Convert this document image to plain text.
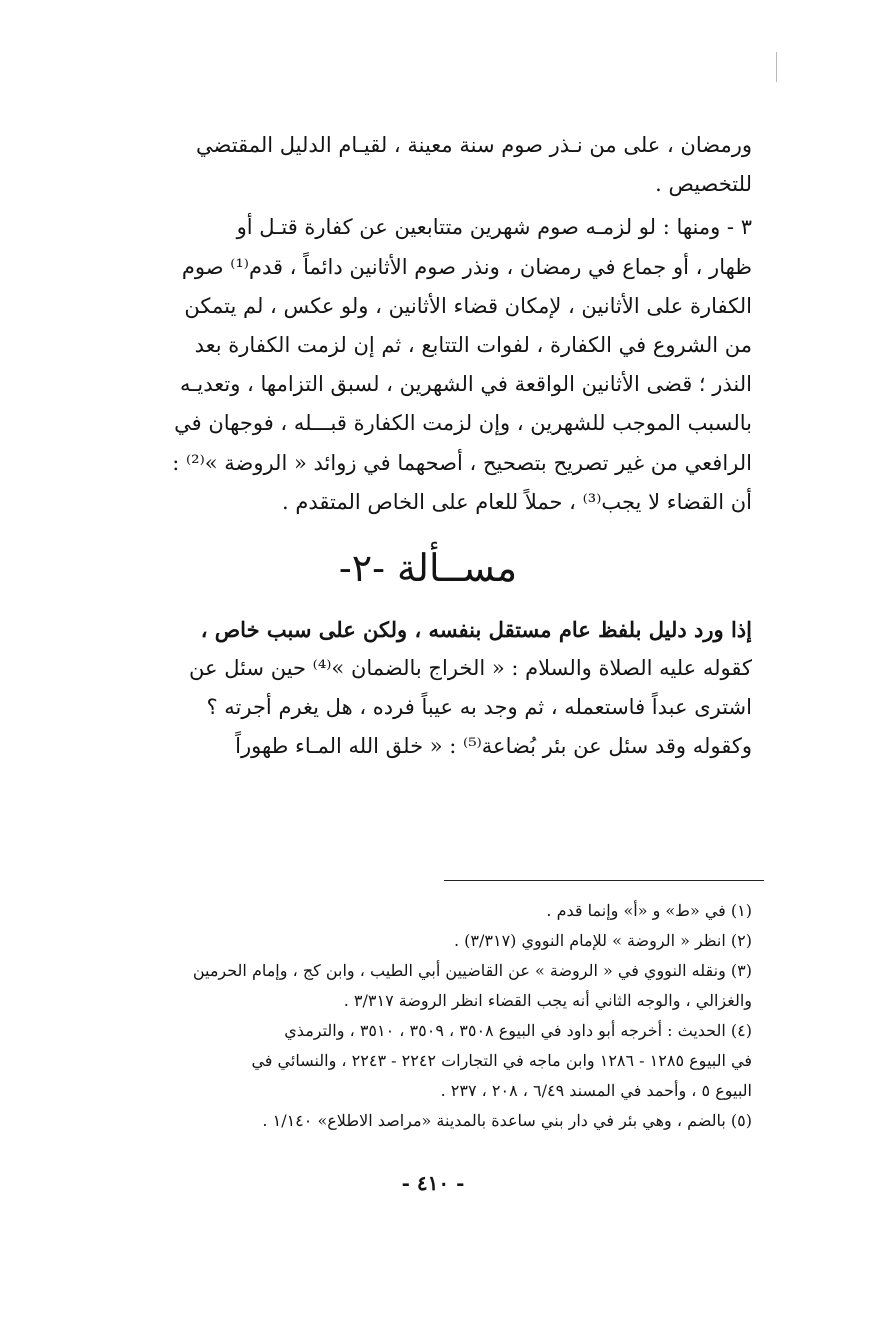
ورمضان ، على من نـذر صوم سنة معينة ، لقيـام الدليل المقتضي

للتخصيص .

٣ - ومنها : لو لزمـه صوم شهرين متتابعين عن كفارة قتـل أو

ظهار ، أو جماع في رمضان ، ونذر صوم الأثانين دائماً ، قدم⁽¹⁾ صوم

الكفارة على الأثانين ، لإمكان قضاء الأثانين ، ولو عكس ، لم يتمكن

من الشروع في الكفارة ، لفوات التتابع ، ثم إن لزمت الكفارة بعد

النذر ؛ قضى الأثانين الواقعة في الشهرين ، لسبق التزامها ، وتعديـه

بالسبب الموجب للشهرين ، وإن لزمت الكفارة قبـــله ، فوجهان في

الرافعي من غير تصريح بتصحيح ، أصحهما في زوائد « الروضة »⁽²⁾ :

أن القضاء لا يجب⁽³⁾ ، حملاً للعام على الخاص المتقدم .

مســألة -٢-

إذا ورد دليل بلفظ عام مستقل بنفسه ، ولكن على سبب خاص ،

كقوله عليه الصلاة والسلام : « الخراج بالضمان »⁽⁴⁾ حين سئل عن

اشترى عبداً فاستعمله ، ثم وجد به عيباً فرده ، هل يغرم أجرته ؟

وكقوله وقد سئل عن بئر بُضاعة⁽⁵⁾ : « خلق الله المـاء طهوراً

(١) في «ط» و «أ» وإنما قدم .

(٢) انظر « الروضة » للإمام النووي (٣/٣١٧) .

(٣) ونقله النووي في « الروضة » عن القاضيين أبي الطيب ، وابن كج ، وإمام الحرمين

والغزالي ، والوجه الثاني أنه يجب القضاء انظر الروضة ٣/٣١٧ .

(٤) الحديث : أخرجه أبو داود في البيوع ٣٥٠٨ ، ٣٥٠٩ ، ٣٥١٠ ، والترمذي

في البيوع ١٢٨٥ - ١٢٨٦ وابن ماجه في التجارات ٢٢٤٢ - ٢٢٤٣ ، والنسائي في

البيوع ٥ ، وأحمد في المسند ٦/٤٩ ، ٢٠٨ ، ٢٣٧ .

(٥) بالضم ، وهي بئر في دار بني ساعدة بالمدينة «مراصد الاطلاع» ١/١٤٠ .

- ٤١٠ -
